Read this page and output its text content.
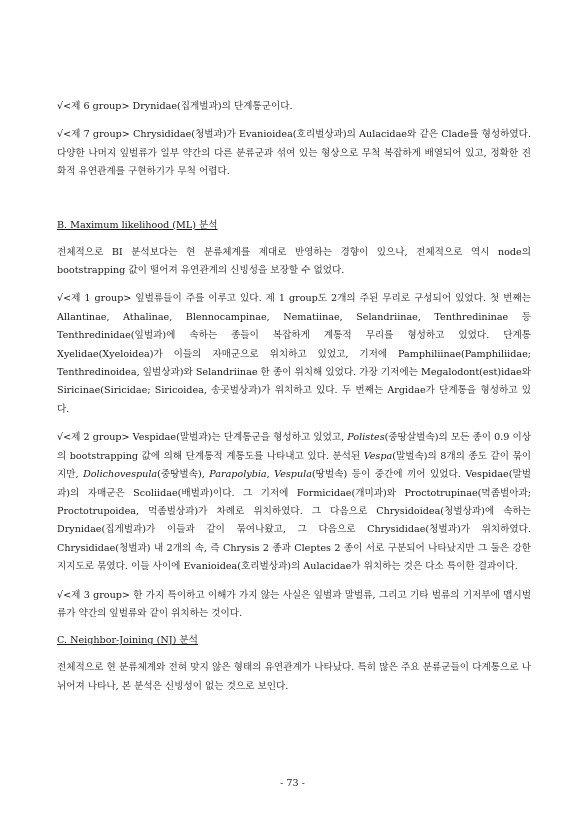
√<제 6 group> Drynidae(집게벌과)의 단계통군이다.

√<제 7 group> Chrysididae(청벌과)가 Evanioidea(호리벌상과)의 Aulacidae와 같은 Clade를 형성하였다. 다양한 나머지 잎벌류가 일부 약간의 다른 분류군과 섞여 있는 형상으로 무척 복잡하게 배열되어 있고, 정확한 진화적 유연관계를 구현하기가 무척 어렵다.

B. Maximum likelihood (ML) 분석

전체적으로 BI 분석보다는 현 분류체계를 제대로 반영하는 경향이 있으나, 전체적으로 역시 node의 bootstrapping 값이 떨어져 유연관계의 신빙성을 보장할 수 없었다.

√<제 1 group> 잎벌류들이 주를 이루고 있다. 제 1 group도 2개의 주된 무리로 구성되어 있었다. 첫 번째는 Allantinae, Athalinae, Blennocampinae, Nematiinae, Selandriinae, Tenthredininae 등 Tenthredinidae(잎벌과)에 속하는 종들이 복잡하게 계통적 무리를 형성하고 있었다. 단계통 Xyelidae(Xyeloidea)가 이들의 자매군으로 위치하고 있었고, 기저에 Pamphiliinae(Pamphiliidae; Tenthredinoidea, 잎벌상과)와 Selandriinae 한 종이 위치해 있었다. 가장 기저에는 Megalodont(est)idae와 Siricinae(Siricidae; Siricoidea, 송곳벌상과)가 위치하고 있다. 두 번째는 Argidae가 단계통을 형성하고 있다.

√<제 2 group> Vespidae(말벌과)는 단계통군을 형성하고 있었고, Polistes(중땅살벌속)의 모든 종이 0.9 이상의 bootstrapping 값에 의해 단계통적 계통도를 나타내고 있다. 분석된 Vespa(말벌속)의 8개의 종도 같이 묶이지만, Dolichovespula(중땅벌속), Parapolybia, Vespula(땅벌속) 등이 중간에 끼어 있었다. Vespidae(말벌과)의 자매군은 Scoliidae(배벌과)이다. 그 기저에 Formicidae(개미과)와 Proctotrupinae(먹좀벌아과; Proctotrupoidea, 먹좀벌상과)가 차례로 위치하였다. 그 다음으로 Chrysidoidea(청벌상과)에 속하는 Drynidae(집게벌과)가 이들과 같이 묶여나왔고, 그 다음으로 Chrysididae(청벌과)가 위치하였다. Chrysididae(청벌과) 내 2개의 속, 즉 Chrysis 2 종과 Cleptes 2 종이 서로 구분되어 나타났지만 그 둘은 강한 지지도로 묶였다. 이들 사이에 Evanioidea(호리벌상과)의 Aulacidae가 위치하는 것은 다소 특이한 결과이다.

√<제 3 group> 한 가지 특이하고 이해가 가지 않는 사실은 잎벌과 말벌류, 그리고 기타 벌류의 기저부에 맵시벌류가 약간의 잎벌류와 같이 위치하는 것이다.

C. Neighbor-Joining (NJ) 분석

전체적으로 현 분류체계와 전혀 맞지 않은 형태의 유연관계가 나타났다. 특히 많은 주요 분류군들이 다계통으로 나뉘어져 나타나, 본 분석은 신빙성이 없는 것으로 보인다.

- 73 -
